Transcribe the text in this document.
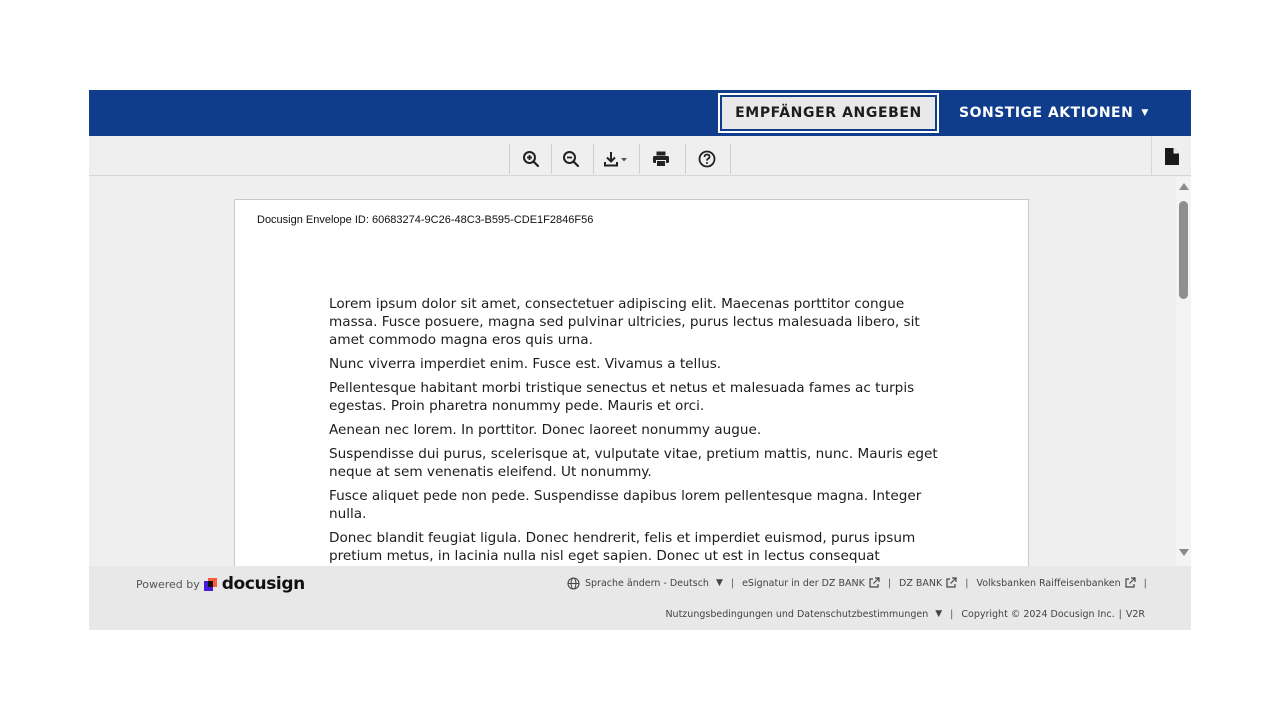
EMPFÄNGER ANGEBEN	SONSTIGE AKTIONEN ▼
Docusign Envelope ID: 60683274-9C26-48C3-B595-CDE1F2846F56

Lorem ipsum dolor sit amet, consectetuer adipiscing elit. Maecenas porttitor congue massa. Fusce posuere, magna sed pulvinar ultricies, purus lectus malesuada libero, sit amet commodo magna eros quis urna.

Nunc viverra imperdiet enim. Fusce est. Vivamus a tellus.

Pellentesque habitant morbi tristique senectus et netus et malesuada fames ac turpis egestas. Proin pharetra nonummy pede. Mauris et orci.

Aenean nec lorem. In porttitor. Donec laoreet nonummy augue.

Suspendisse dui purus, scelerisque at, vulputate vitae, pretium mattis, nunc. Mauris eget neque at sem venenatis eleifend. Ut nonummy.

Fusce aliquet pede non pede. Suspendisse dapibus lorem pellentesque magna. Integer nulla.

Donec blandit feugiat ligula. Donec hendrerit, felis et imperdiet euismod, purus ipsum pretium metus, in lacinia nulla nisl eget sapien. Donec ut est in lectus consequat

Powered by docusign	Sprache ändern - Deutsch ▼ | eSignatur in der DZ BANK | DZ BANK | Volksbanken Raiffeisenbanken |
Nutzungsbedingungen und Datenschutzbestimmungen ▼ | Copyright © 2024 Docusign Inc. | V2R
